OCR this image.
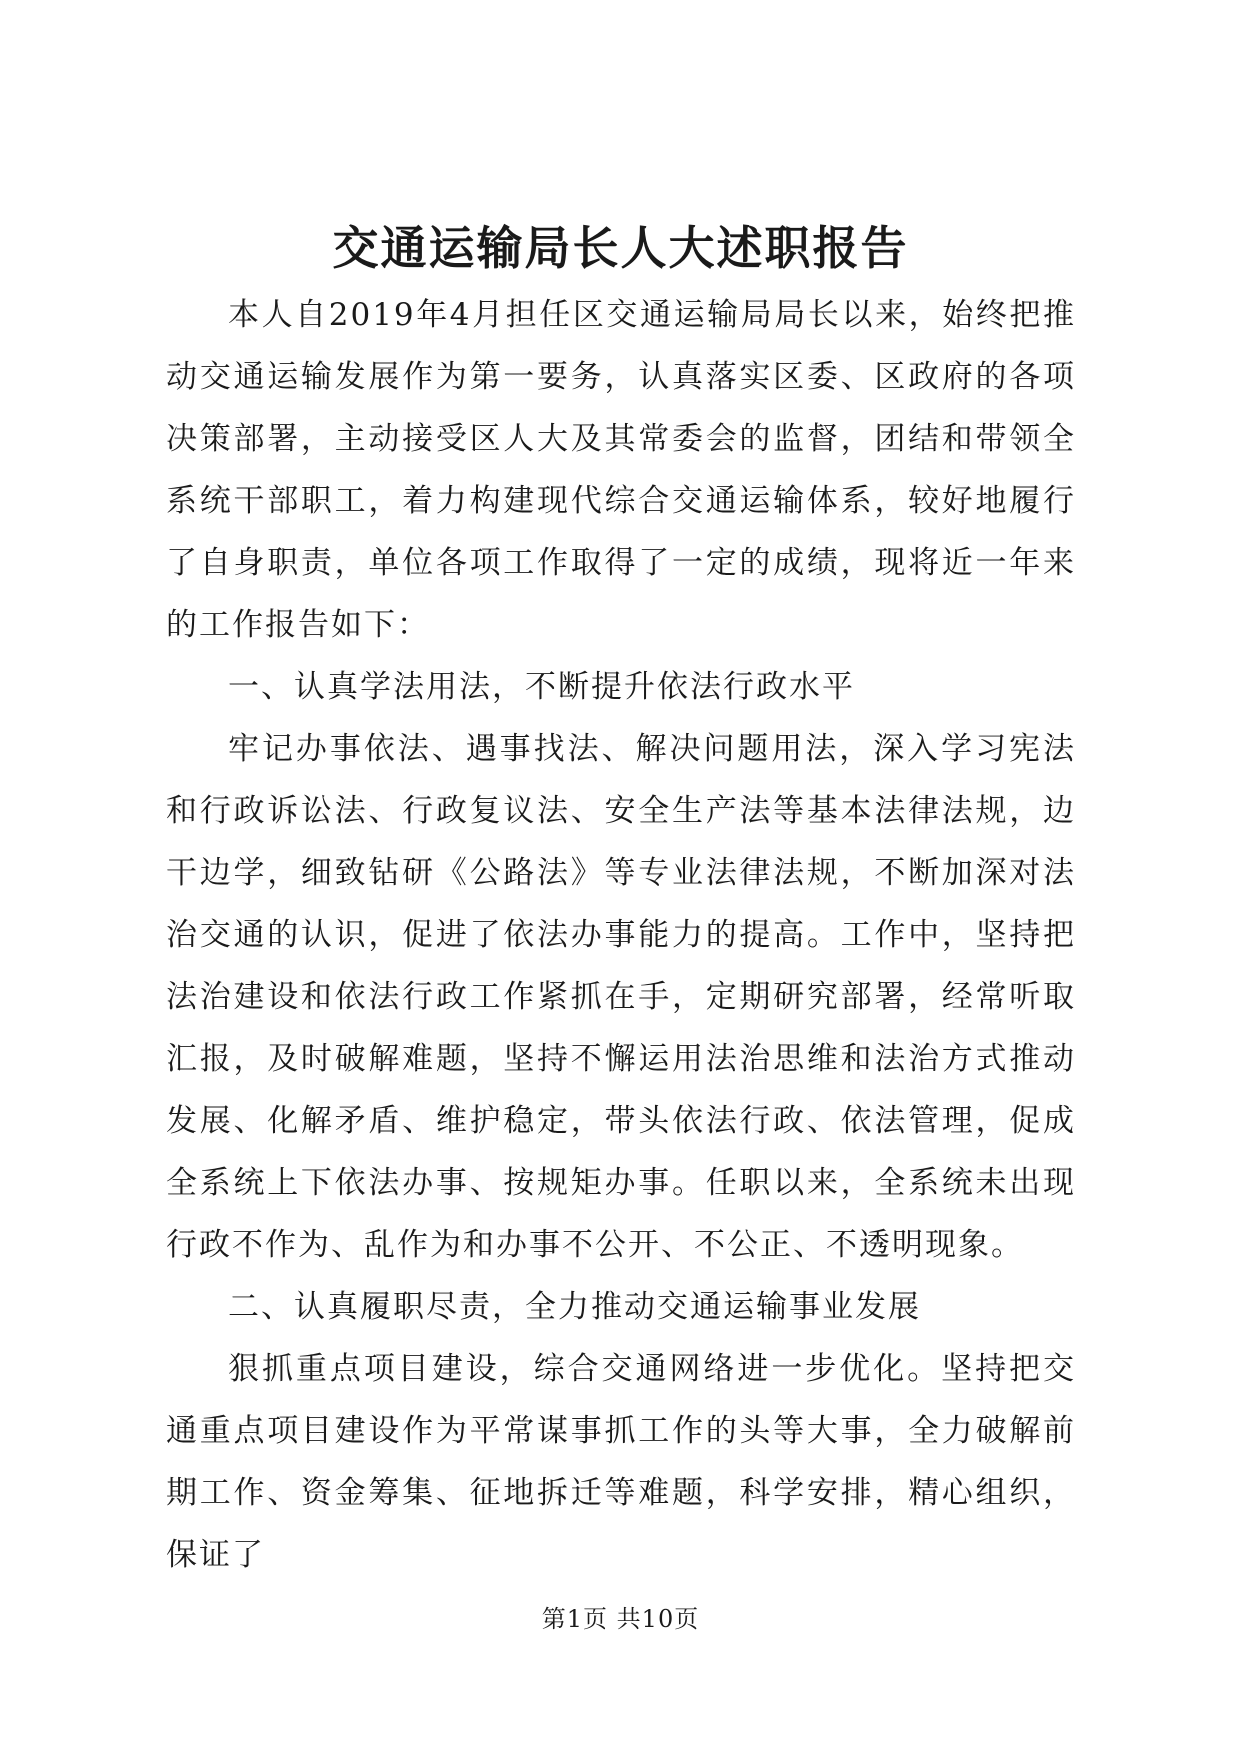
交通运输局长人大述职报告

本人自2019年4月担任区交通运输局局长以来，始终把推动交通运输发展作为第一要务，认真落实区委、区政府的各项决策部署，主动接受区人大及其常委会的监督，团结和带领全系统干部职工，着力构建现代综合交通运输体系，较好地履行了自身职责，单位各项工作取得了一定的成绩，现将近一年来的工作报告如下：

一、认真学法用法，不断提升依法行政水平

牢记办事依法、遇事找法、解决问题用法，深入学习宪法和行政诉讼法、行政复议法、安全生产法等基本法律法规，边干边学，细致钻研《公路法》等专业法律法规，不断加深对法治交通的认识，促进了依法办事能力的提高。工作中，坚持把法治建设和依法行政工作紧抓在手，定期研究部署，经常听取汇报，及时破解难题，坚持不懈运用法治思维和法治方式推动发展、化解矛盾、维护稳定，带头依法行政、依法管理，促成全系统上下依法办事、按规矩办事。任职以来，全系统未出现行政不作为、乱作为和办事不公开、不公正、不透明现象。

二、认真履职尽责，全力推动交通运输事业发展

狠抓重点项目建设，综合交通网络进一步优化。坚持把交通重点项目建设作为平常谋事抓工作的头等大事，全力破解前期工作、资金筹集、征地拆迁等难题，科学安排，精心组织，保证了

第1页 共10页
